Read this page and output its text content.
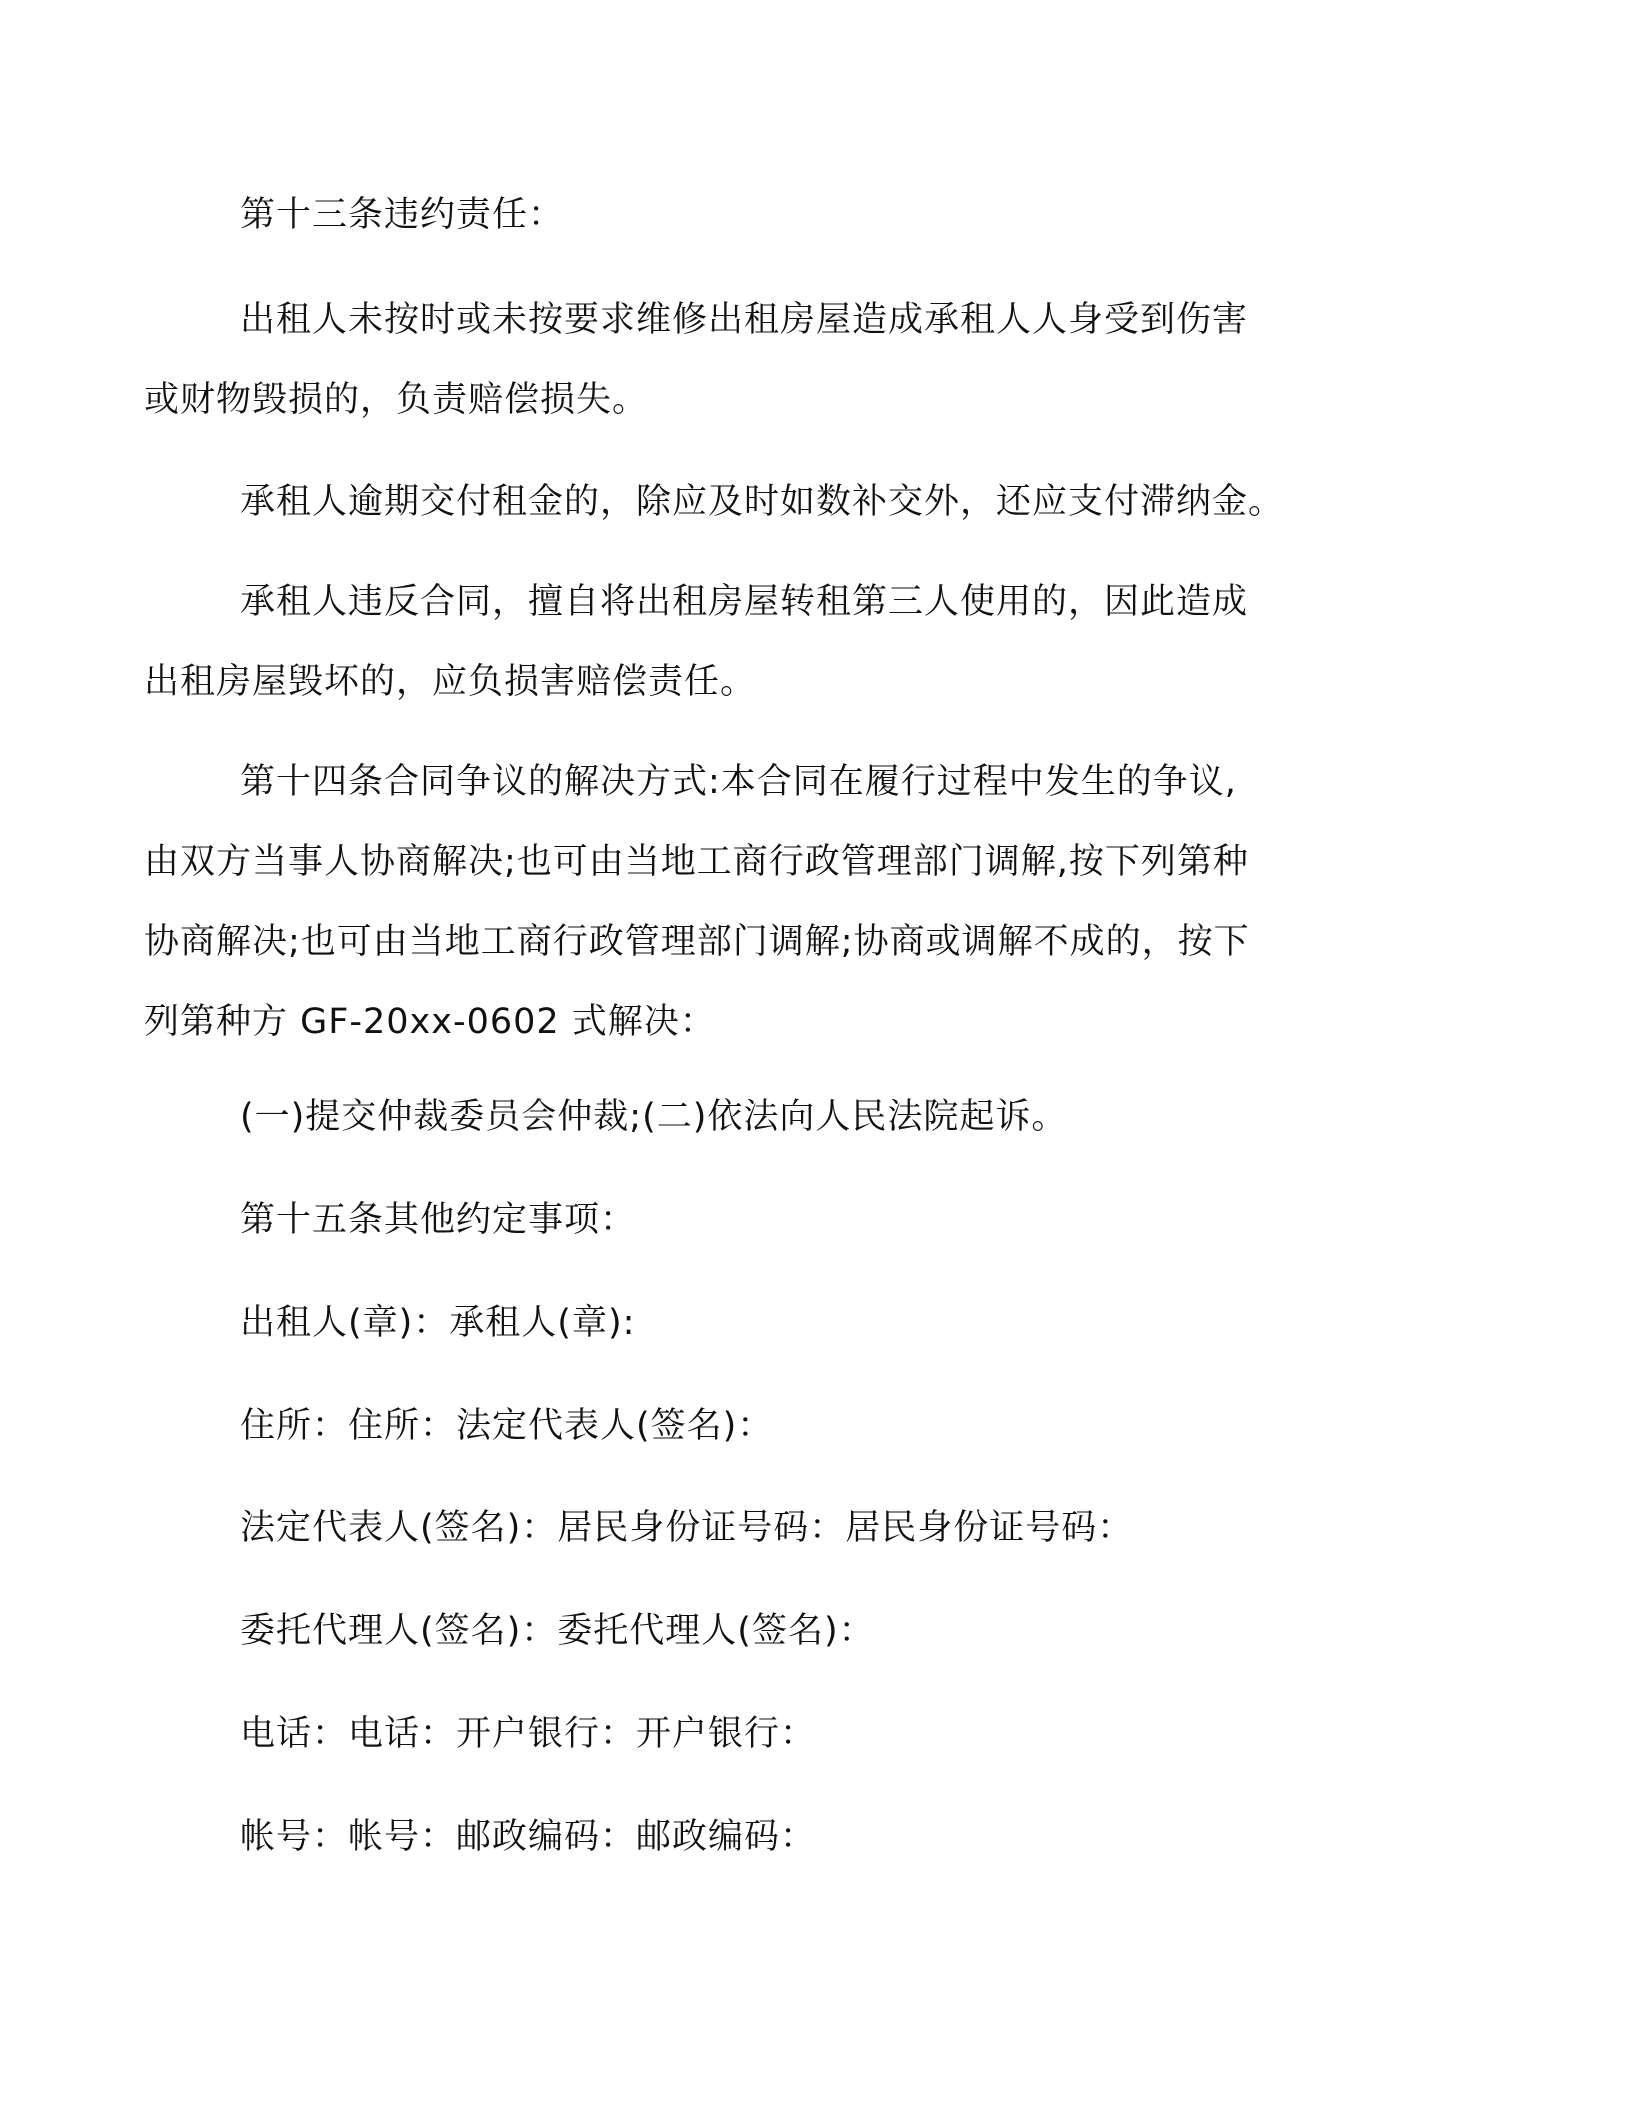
第十三条违约责任：

出租人未按时或未按要求维修出租房屋造成承租人人身受到伤害
或财物毁损的，负责赔偿损失。

承租人逾期交付租金的，除应及时如数补交外，还应支付滞纳金。

承租人违反合同，擅自将出租房屋转租第三人使用的，因此造成
出租房屋毁坏的，应负损害赔偿责任。

第十四条合同争议的解决方式:本合同在履行过程中发生的争议,
由双方当事人协商解决;也可由当地工商行政管理部门调解,按下列第种
协商解决;也可由当地工商行政管理部门调解;协商或调解不成的，按下
列第种方 GF-20xx-0602 式解决：

(一)提交仲裁委员会仲裁;(二)依法向人民法院起诉。

第十五条其他约定事项：

出租人(章)：承租人(章):

住所：住所：法定代表人(签名)：

法定代表人(签名)：居民身份证号码：居民身份证号码：

委托代理人(签名)：委托代理人(签名)：

电话：电话：开户银行：开户银行：

帐号：帐号：邮政编码：邮政编码：
